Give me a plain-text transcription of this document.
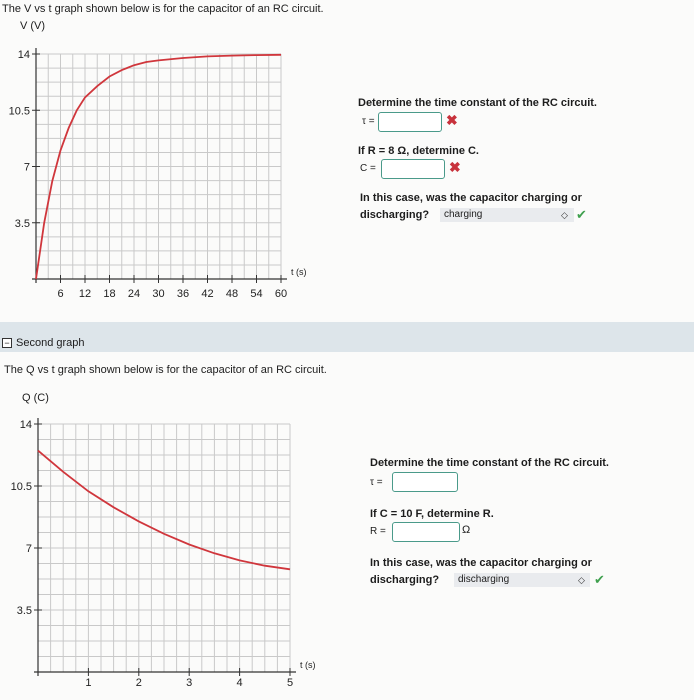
The V vs t graph shown below is for the capacitor of an RC circuit.
V (V)
14
10.5
7
3.5
6 12 18 24 30 36 42 48 54 60
t (s)
Determine the time constant of the RC circuit.
τ =	✖
If R = 8 Ω, determine C.
C =	✖
In this case, was the capacitor charging or
discharging?	charging	◇ ✔
− Second graph
The Q vs t graph shown below is for the capacitor of an RC circuit.
Q (C)
14
10.5
7
3.5
1	2	3	4	5
t (s)
Determine the time constant of the RC circuit.
τ =
If C = 10 F, determine R.
R =	Ω
In this case, was the capacitor charging or
discharging?	discharging	◇ ✔
